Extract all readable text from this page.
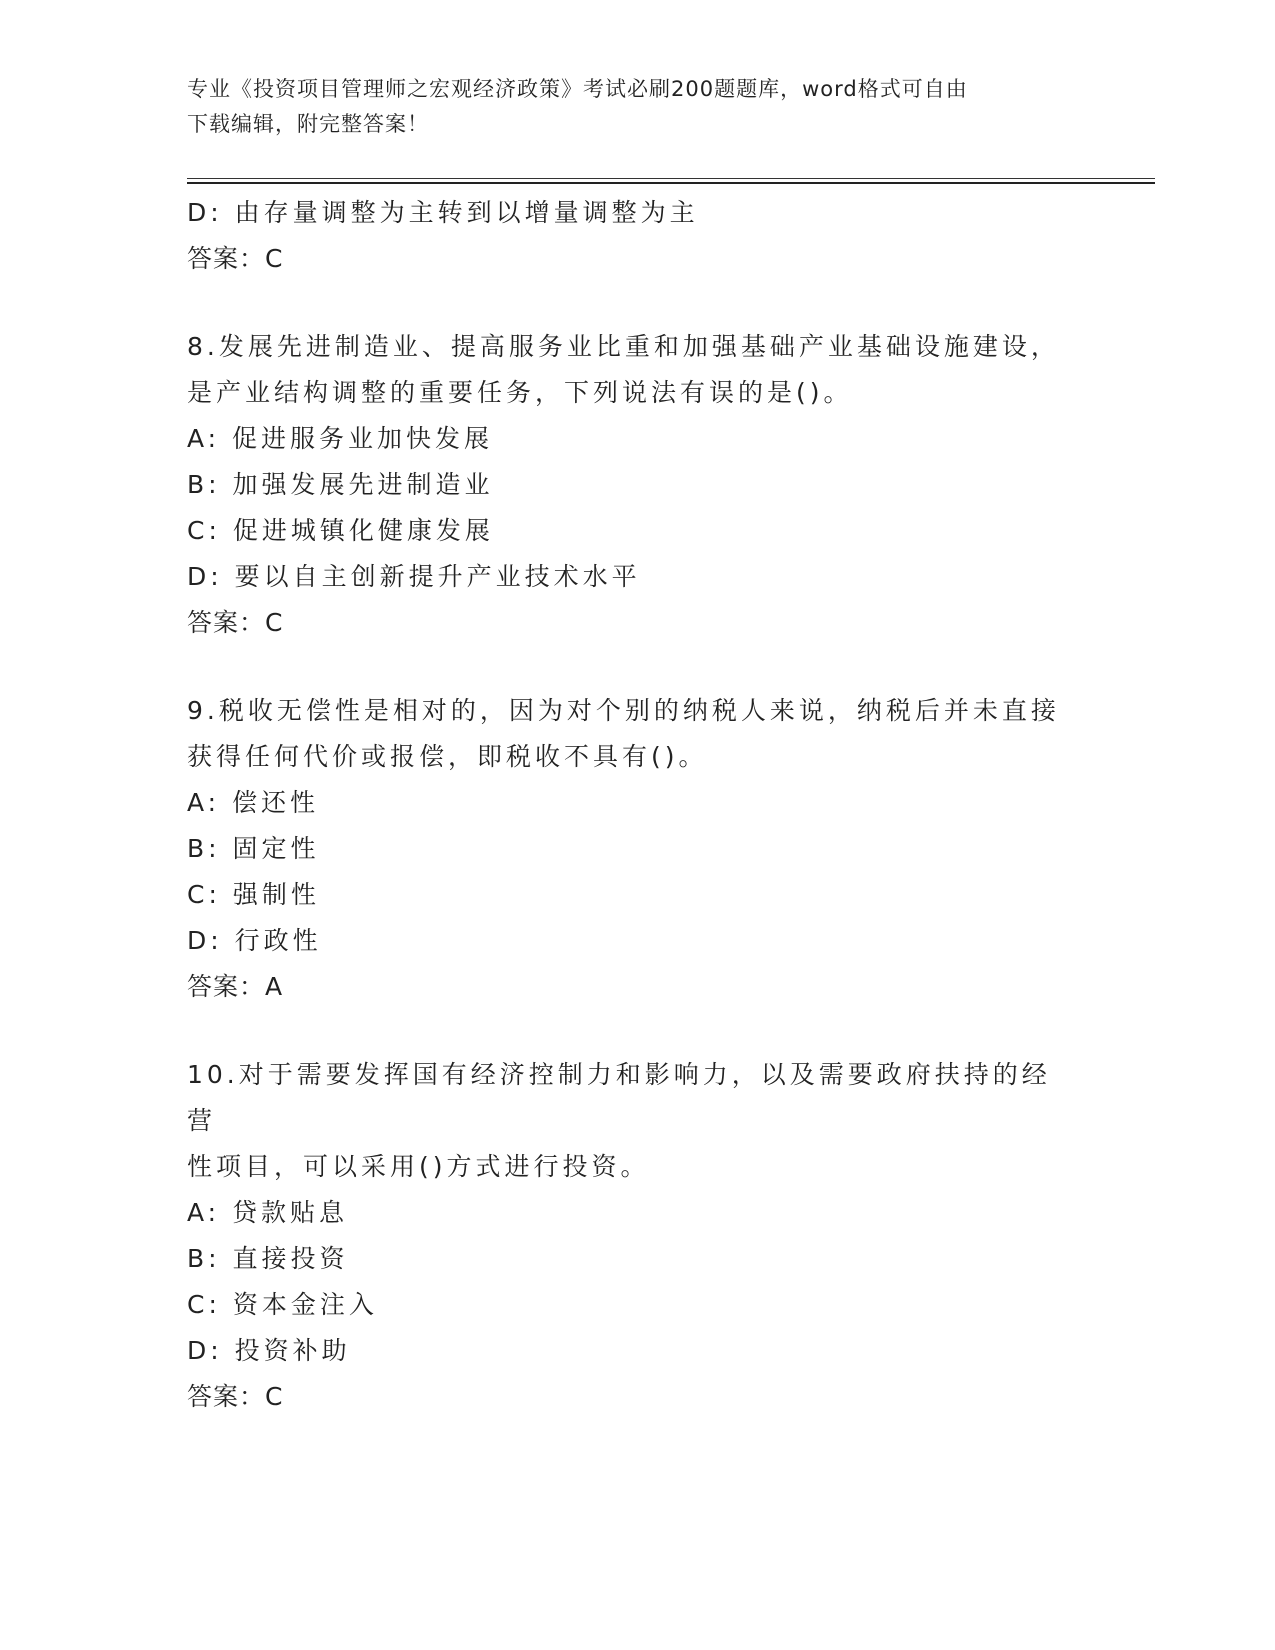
专业《投资项目管理师之宏观经济政策》考试必刷200题题库，word格式可自由
下载编辑，附完整答案！
D: 由存量调整为主转到以增量调整为主
答案：C
8.发展先进制造业、提高服务业比重和加强基础产业基础设施建设，
是产业结构调整的重要任务，下列说法有误的是()。
A: 促进服务业加快发展
B: 加强发展先进制造业
C: 促进城镇化健康发展
D: 要以自主创新提升产业技术水平
答案：C
9.税收无偿性是相对的，因为对个别的纳税人来说，纳税后并未直接
获得任何代价或报偿，即税收不具有()。
A: 偿还性
B: 固定性
C: 强制性
D: 行政性
答案：A
10.对于需要发挥国有经济控制力和影响力，以及需要政府扶持的经营
性项目，可以采用()方式进行投资。
A: 贷款贴息
B: 直接投资
C: 资本金注入
D: 投资补助
答案：C
